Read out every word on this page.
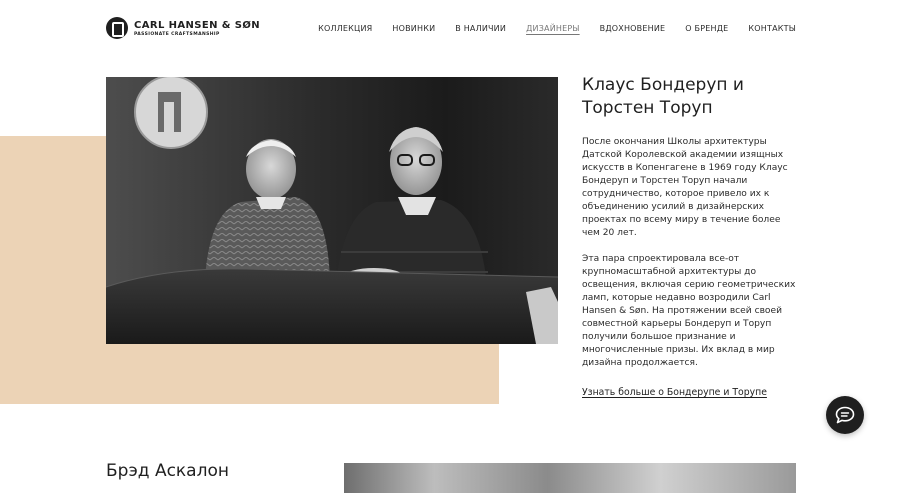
CARL HANSEN & SØN
PASSIONATE CRAFTSMANSHIP
КОЛЛЕКЦИЯ	НОВИНКИ	В НАЛИЧИИ	ДИЗАЙНЕРЫ	ВДОХНОВЕНИЕ	О БРЕНДЕ	КОНТАКТЫ
Клаус Бондеруп и Торстен Торуп

После окончания Школы архитектуры Датской Королевской академии изящных искусств в Копенгагене в 1969 году Клаус Бондеруп и Торстен Торуп начали сотрудничество, которое привело их к объединению усилий в дизайнерских проектах по всему миру в течение более чем 20 лет.

Эта пара спроектировала все-от крупномасштабной архитектуры до освещения, включая серию геометрических ламп, которые недавно возродили Carl Hansen & Søn. На протяжении всей своей совместной карьеры Бондеруп и Торуп получили большое признание и многочисленные призы. Их вклад в мир дизайна продолжается.

Узнать больше о Бондерупе и Торупе
Брэд Аскалон
